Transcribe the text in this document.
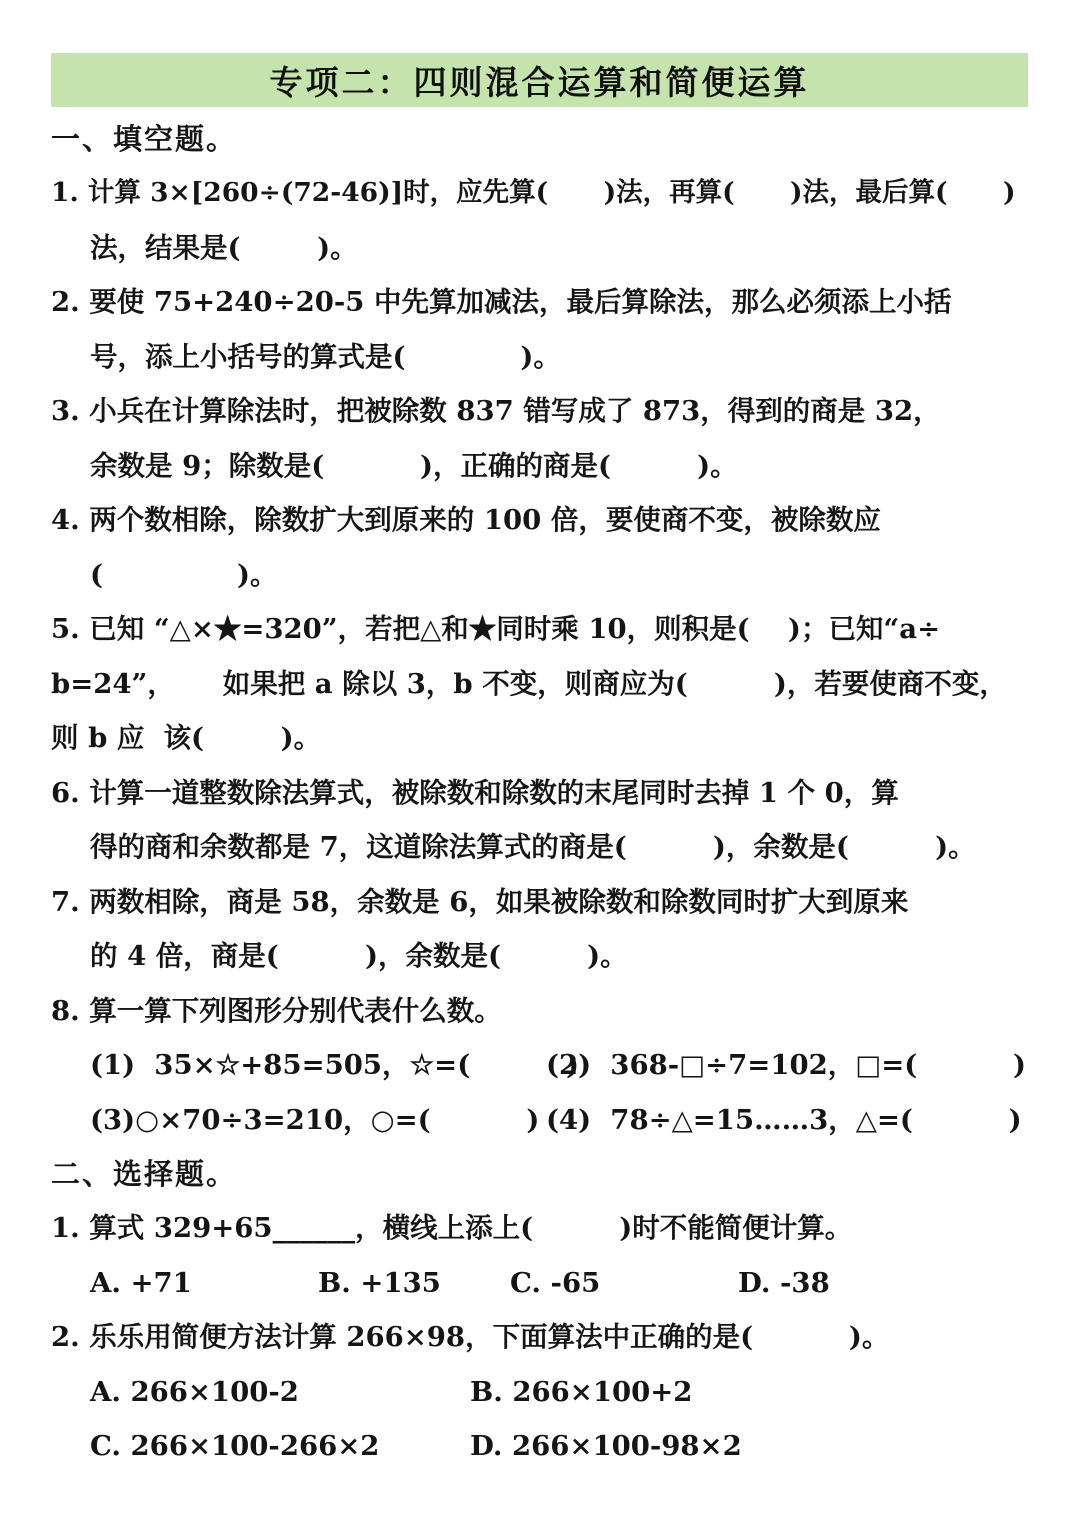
专项二：四则混合运算和简便运算
一、填空题。
1. 计算 3×[260÷(72-46)]时，应先算(      )法，再算(      )法，最后算(      )
法，结果是(        )。
2. 要使 75+240÷20-5 中先算加减法，最后算除法，那么必须添上小括
号，添上小括号的算式是(            )。
3. 小兵在计算除法时，把被除数 837 错写成了 873，得到的商是 32，
余数是 9；除数是(          )，正确的商是(         )。
4. 两个数相除，除数扩大到原来的 100 倍，要使商不变，被除数应
(              )。
5. 已知 “△×★=320”，若把△和★同时乘 10，则积是(    )；已知“a÷
b=24”，     如果把 a 除以 3，b 不变，则商应为(         )，若要使商不变，
则 b 应  该(        )。
6. 计算一道整数除法算式，被除数和除数的末尾同时去掉 1 个 0，算
得的商和余数都是 7，这道除法算式的商是(         )，余数是(         )。
7. 两数相除，商是 58，余数是 6，如果被除数和除数同时扩大到原来
的 4 倍，商是(         )，余数是(         )。
8. 算一算下列图形分别代表什么数。
(1)  35×☆+85=505，☆=(          )
(2)  368-□÷7=102，□=(          )
(3)○×70÷3=210，○=(          ) (4)  78÷△=15……3，△=(          )
二、选择题。
1. 算式 329+65______，横线上添上(         )时不能简便计算。
A. +71	B. +135	C. -65	D. -38
2. 乐乐用简便方法计算 266×98，下面算法中正确的是(          )。
A. 266×100-2	B. 266×100+2
C. 266×100-266×2	D. 266×100-98×2
